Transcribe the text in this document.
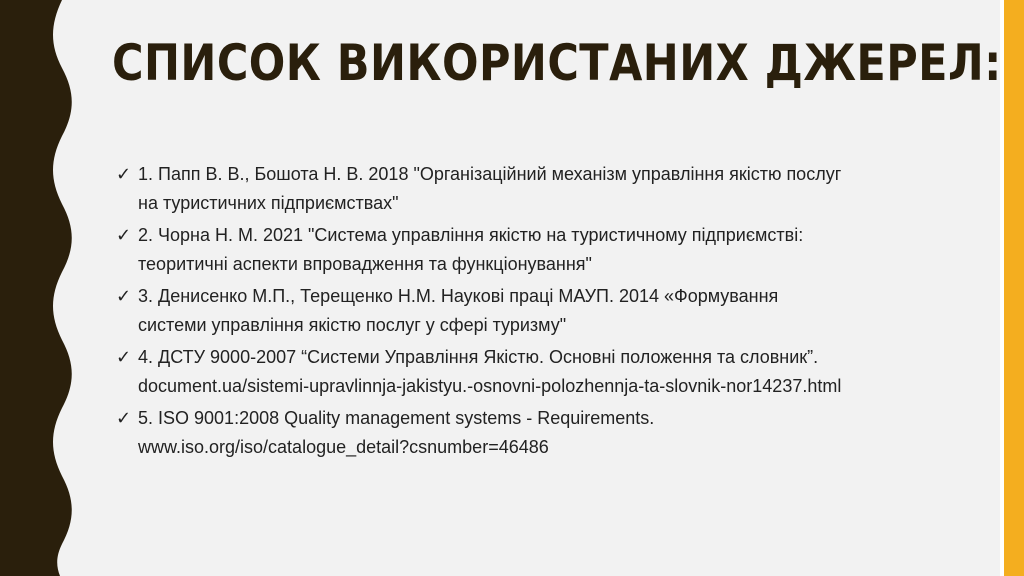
СПИСОК ВИКОРИСТАНИХ ДЖЕРЕЛ:
✓ 1. Папп В. В., Бошота Н. В. 2018 "Організаційний механізм управління якістю послуг
на туристичних підприємствах"
✓ 2. Чорна Н. М. 2021 "Система управління якістю на туристичному підприємстві:
теоритичні аспекти впровадження та функціонування"
✓ 3. Денисенко М.П., Терещенко Н.М. Наукові праці МАУП. 2014 «Формування
системи управління якістю послуг у сфері туризму"
✓ 4. ДСТУ 9000-2007 “Системи Управління Якістю. Основні положення та словник”.
document.ua/sistemi-upravlinnja-jakistyu.-osnovni-polozhennja-ta-slovnik-nor14237.html
✓ 5. ISO 9001:2008 Quality management systems - Requirements.
www.iso.org/iso/catalogue_detail?csnumber=46486
